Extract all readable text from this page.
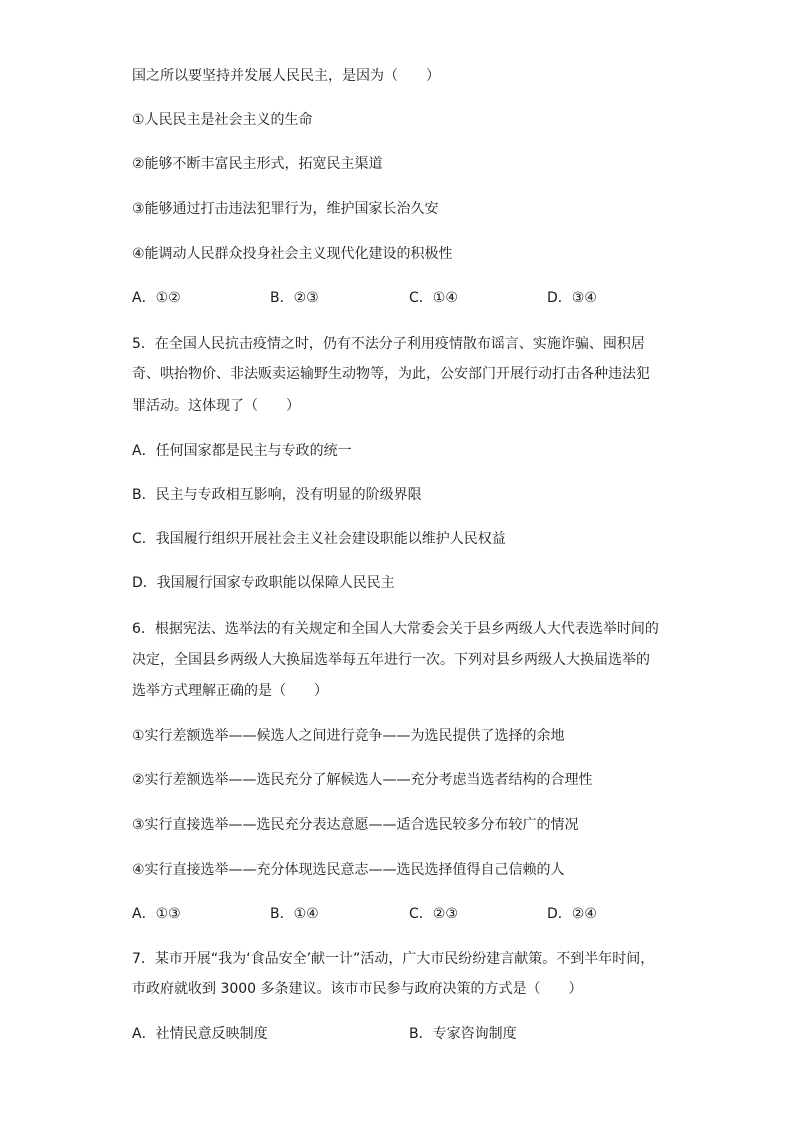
国之所以要坚持并发展人民民主，是因为（　　）
①人民民主是社会主义的生命
②能够不断丰富民主形式，拓宽民主渠道
③能够通过打击违法犯罪行为，维护国家长治久安
④能调动人民群众投身社会主义现代化建设的积极性
A．①②	B．②③	C．①④	D．③④
5．在全国人民抗击疫情之时，仍有不法分子利用疫情散布谣言、实施诈骗、囤积居
奇、哄抬物价、非法贩卖运输野生动物等，为此，公安部门开展行动打击各种违法犯
罪活动。这体现了（　　）
A．任何国家都是民主与专政的统一
B．民主与专政相互影响，没有明显的阶级界限
C．我国履行组织开展社会主义社会建设职能以维护人民权益
D．我国履行国家专政职能以保障人民民主
6．根据宪法、选举法的有关规定和全国人大常委会关于县乡两级人大代表选举时间的
决定，全国县乡两级人大换届选举每五年进行一次。下列对县乡两级人大换届选举的
选举方式理解正确的是（　　）
①实行差额选举——候选人之间进行竞争——为选民提供了选择的余地
②实行差额选举——选民充分了解候选人——充分考虑当选者结构的合理性
③实行直接选举——选民充分表达意愿——适合选民较多分布较广的情况
④实行直接选举——充分体现选民意志——选民选择值得自己信赖的人
A．①③	B．①④	C．②③	D．②④
7．某市开展“我为‘食品安全’献一计”活动，广大市民纷纷建言献策。不到半年时间，
市政府就收到 3000 多条建议。该市市民参与政府决策的方式是（　　）
A．社情民意反映制度	B．专家咨询制度
